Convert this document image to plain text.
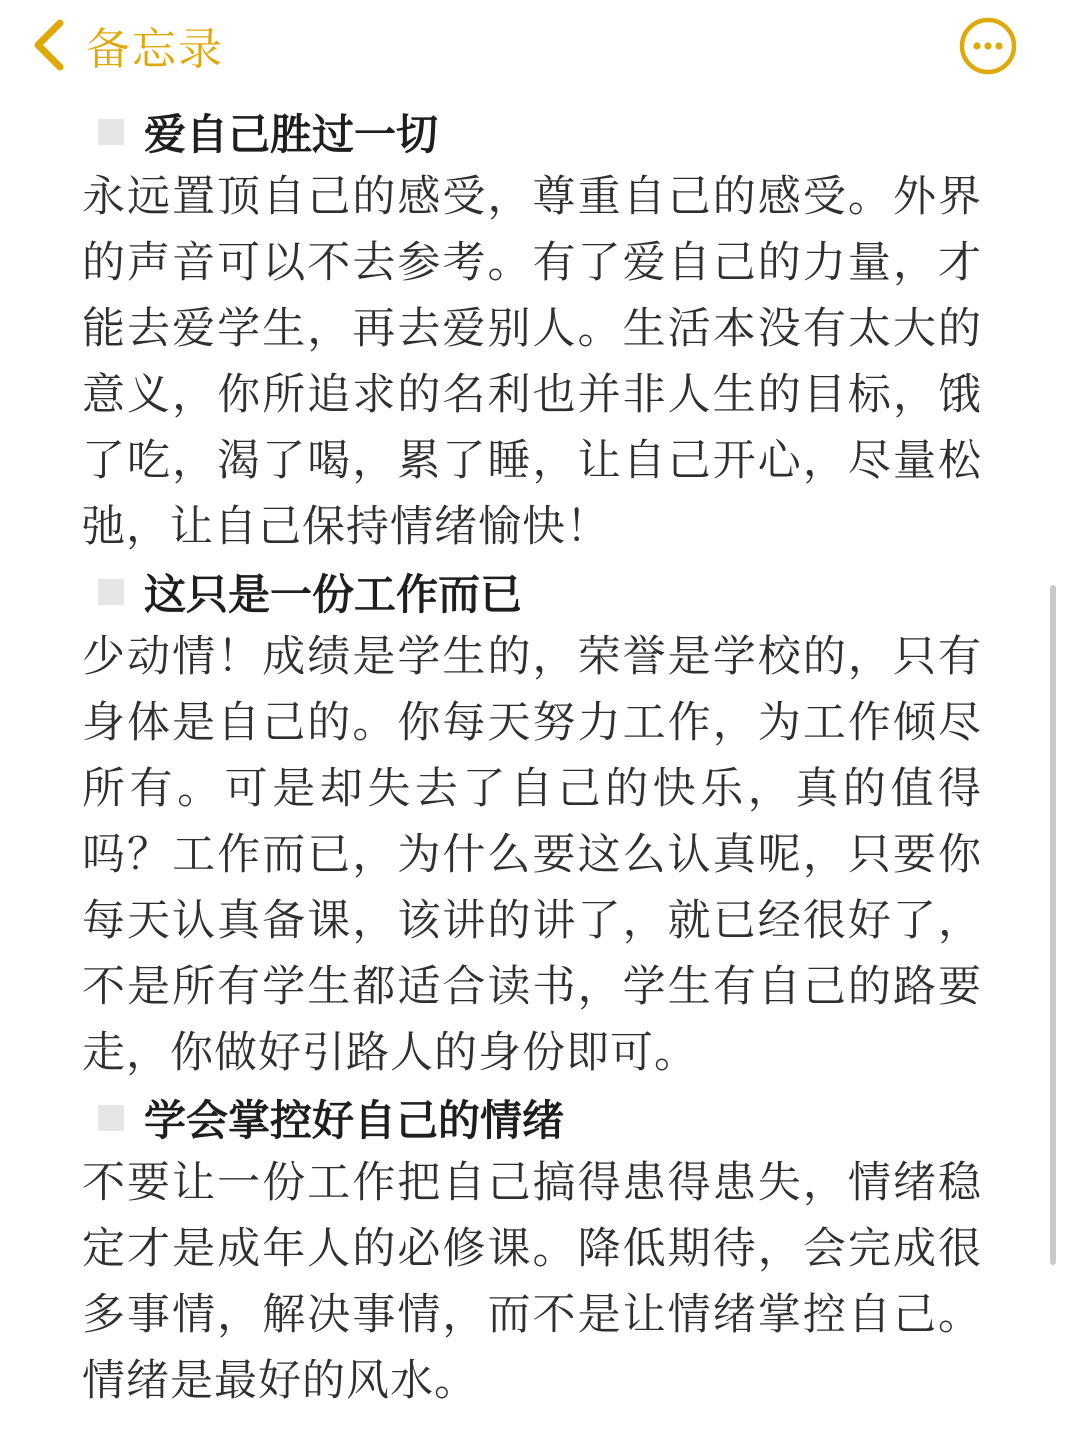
备忘录
爱自己胜过一切
永远置顶自己的感受，尊重自己的感受。外界的声音可以不去参考。有了爱自己的力量，才能去爱学生，再去爱别人。生活本没有太大的意义，你所追求的名利也并非人生的目标，饿了吃，渴了喝，累了睡，让自己开心，尽量松弛，让自己保持情绪愉快！
这只是一份工作而已
少动情！成绩是学生的，荣誉是学校的，只有身体是自己的。你每天努力工作，为工作倾尽所有。可是却失去了自己的快乐，真的值得吗？工作而已，为什么要这么认真呢，只要你每天认真备课，该讲的讲了，就已经很好了，不是所有学生都适合读书，学生有自己的路要走，你做好引路人的身份即可。
学会掌控好自己的情绪
不要让一份工作把自己搞得患得患失，情绪稳定才是成年人的必修课。降低期待，会完成很多事情，解决事情，而不是让情绪掌控自己。情绪是最好的风水。
